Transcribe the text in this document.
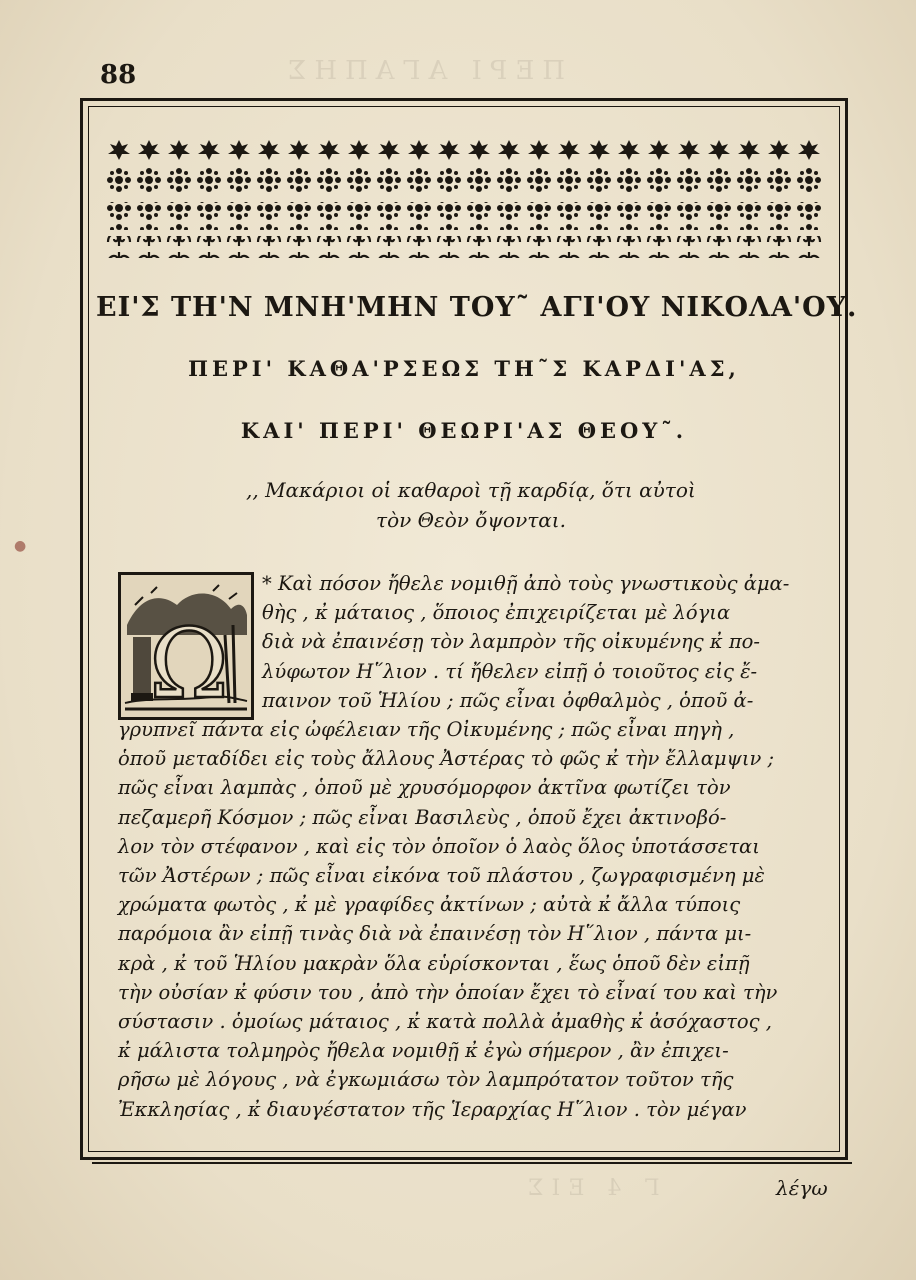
ΠΕΡΙ ΑΓΑΠΗΣ
Γ 4 ΕΙΣ
88
ΕΙ'Σ ΤΗ'Ν ΜΝΗ'ΜΗΝ ΤΟΥ˜ ΑΓΙ'ΟΥ ΝΙΚΟΛΑ'ΟΥ.
ΠΕΡΙ' ΚΑΘΑ'ΡΣΕΩΣ ΤΗ˜Σ ΚΑΡΔΙ'ΑΣ,
ΚΑΙ' ΠΕΡΙ' ΘΕΩΡΙ'ΑΣ ΘΕΟΥ˜.
,, Μακάριοι οἱ καθαροὶ τῇ καρδίᾳ, ὅτι αὐτοὶ
τὸν Θεὸν ὄψονται.
●
Ω
* Καὶ πόσον ἤθελε νομιθῇ ἀπὸ τοὺς γνωστικοὺς ἀμα-
θὴς , κ̓ μάταιος , ὅποιος ἐπιχειρίζεται μὲ λόγια
διὰ νὰ ἐπαινέσῃ τὸν λαμπρὸν τῆς οἰκυμένης κ̓ πο-
λύφωτον Η῞λιον . τί ἤθελεν εἰπῇ ὁ τοιοῦτος εἰς ἔ-
παινον τοῦ Ἡλίου ; πῶς εἶναι ὀφθαλμὸς , ὁποῦ ἀ-
γρυπνεῖ πάντα εἰς ὠφέλειαν τῆς Οἰκυμένης ; πῶς εἶναι πηγὴ ,
ὁποῦ μεταδίδει εἰς τοὺς ἄλλους Ἀστέρας τὸ φῶς κ̓ τὴν ἔλλαμψιν ;
πῶς εἶναι λαμπὰς , ὁποῦ μὲ χρυσόμορφον ἀκτῖνα φωτίζει τὸν
πεζαμερῆ Κόσμον ; πῶς εἶναι Βασιλεὺς , ὁποῦ ἔχει ἀκτινοβό-
λον τὸν στέφανον , καὶ εἰς τὸν ὁποῖον ὁ λαὸς ὅλος ὑποτάσσεται
τῶν Ἀστέρων ; πῶς εἶναι εἰκόνα τοῦ πλάστου , ζωγραφισμένη μὲ
χρώματα φωτὸς , κ̓ μὲ γραφίδες ἀκτίνων ; αὐτὰ κ̓ ἄλλα τύποις
παρόμοια ἂν εἰπῇ τινὰς διὰ νὰ ἐπαινέσῃ τὸν Η῞λιον , πάντα μι-
κρὰ , κ̓ τοῦ Ἡλίου μακρὰν ὅλα εὑρίσκονται , ἕως ὁποῦ δὲν εἰπῇ
τὴν οὐσίαν κ̓ φύσιν του , ἀπὸ τὴν ὁποίαν ἔχει τὸ εἶναί του καὶ τὴν
σύστασιν . ὁμοίως μάταιος , κ̓ κατὰ πολλὰ ἀμαθὴς κ̓ ἀσόχαστος ,
κ̓ μάλιστα τολμηρὸς ἤθελα νομιθῇ κ̓ ἐγὼ σήμερον , ἂν ἐπιχει-
ρῆσω μὲ λόγους , νὰ ἐγκωμιάσω τὸν λαμπρότατον τοῦτον τῆς
Ἐκκλησίας , κ̓ διαυγέστατον τῆς Ἱεραρχίας Η῞λιον . τὸν μέγαν
λέγω
